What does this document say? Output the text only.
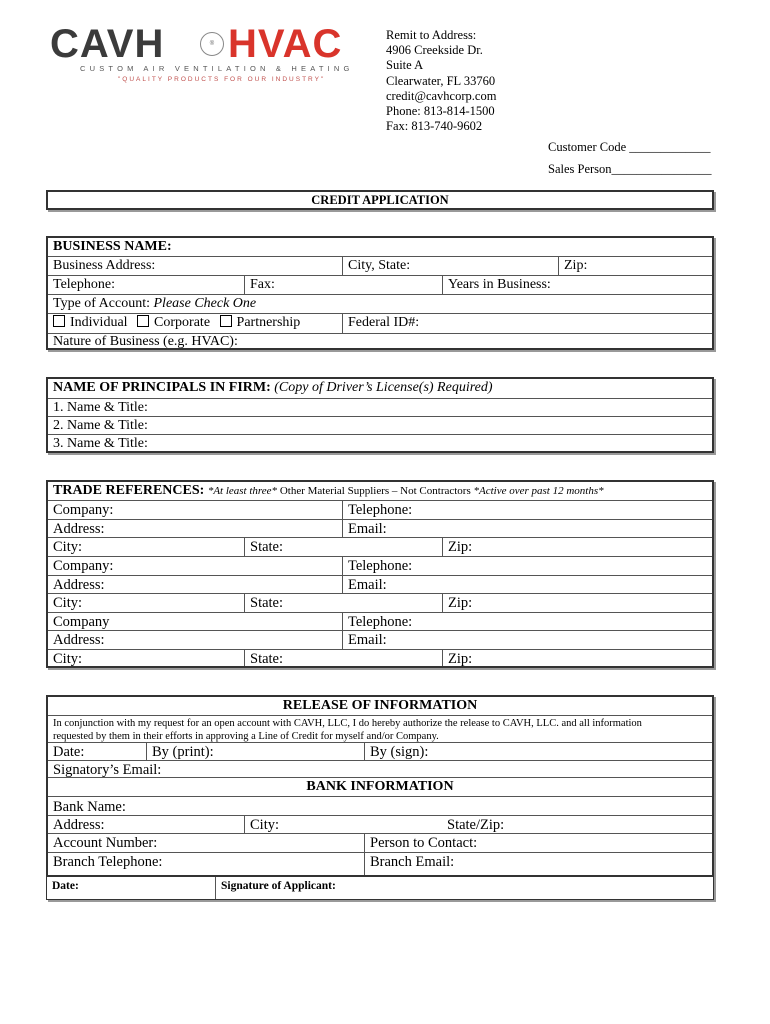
CAVH	® HVAC
CUSTOM AIR VENTILATION & HEATING
"QUALITY PRODUCTS FOR OUR INDUSTRY"
Remit to Address:
4906 Creekside Dr.
Suite A
Clearwater, FL 33760
credit@cavhcorp.com
Phone: 813-814-1500
Fax: 813-740-9602
Customer Code _____________
Sales Person________________
CREDIT APPLICATION
BUSINESS NAME:
Business Address:	City, State:	Zip:
Telephone:	Fax:	Years in Business:
Type of Account: Please Check One
Individual Corporate Partnership	Federal ID#:
Nature of Business (e.g. HVAC):
NAME OF PRINCIPALS IN FIRM: (Copy of Driver’s License(s) Required)
1. Name & Title:
2. Name & Title:
3. Name & Title:
TRADE REFERENCES: *At least three* Other Material Suppliers – Not Contractors *Active over past 12 months*
Company:	Telephone:
Address:	Email:
City:	State:	Zip:
Company:	Telephone:
Address:	Email:
City:	State:	Zip:
Company	Telephone:
Address:	Email:
City:	State:	Zip:
RELEASE OF INFORMATION
In conjunction with my request for an open account with CAVH, LLC, I do hereby authorize the release to CAVH, LLC. and all information
requested by them in their efforts in approving a Line of Credit for myself and/or Company.
Date:	By (print):	By (sign):
Signatory’s Email:
BANK INFORMATION
Bank Name:
Address:	City:	State/Zip:
Account Number:	Person to Contact:
Branch Telephone:	Branch Email:
Date:	Signature of Applicant:
